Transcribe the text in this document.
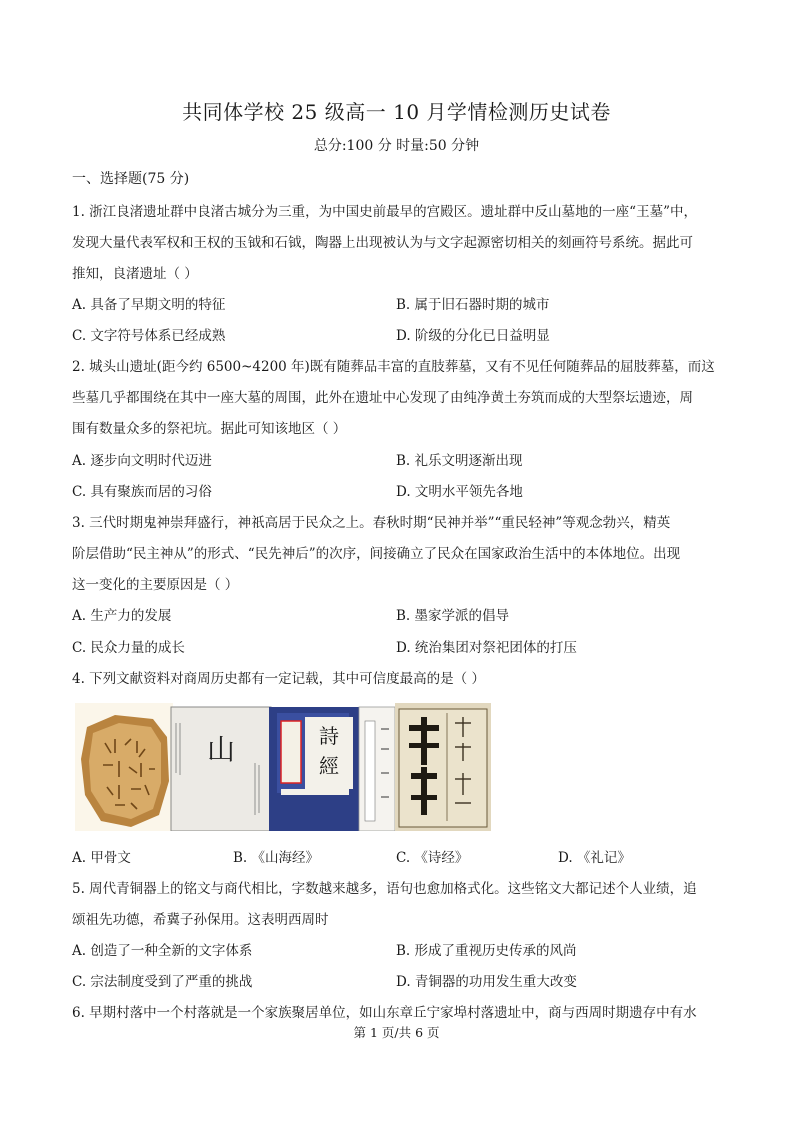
共同体学校 25 级高一 10 月学情检测历史试卷
总分:100 分 时量:50 分钟
一、选择题(75 分)
1. 浙江良渚遗址群中良渚古城分为三重，为中国史前最早的宫殿区。遗址群中反山墓地的一座“王墓”中，
发现大量代表军权和王权的玉钺和石钺，陶器上出现被认为与文字起源密切相关的刻画符号系统。据此可
推知，良渚遗址（ ）
A. 具备了早期文明的特征	B. 属于旧石器时期的城市
C. 文字符号体系已经成熟	D. 阶级的分化已日益明显
2. 城头山遗址(距今约 6500~4200 年)既有随葬品丰富的直肢葬墓，又有不见任何随葬品的屈肢葬墓，而这
些墓几乎都围绕在其中一座大墓的周围，此外在遗址中心发现了由纯净黄土夯筑而成的大型祭坛遗迹，周
围有数量众多的祭祀坑。据此可知该地区（ ）
A. 逐步向文明时代迈进	B. 礼乐文明逐渐出现
C. 具有聚族而居的习俗	D. 文明水平领先各地
3. 三代时期鬼神崇拜盛行，神祇高居于民众之上。春秋时期“民神并举”“重民轻神”等观念勃兴，精英
阶层借助“民主神从”的形式、“民先神后”的次序，间接确立了民众在国家政治生活中的本体地位。出现
这一变化的主要原因是（ ）
A. 生产力的发展	B. 墨家学派的倡导
C. 民众力量的成长	D. 统治集团对祭祀团体的打压
4. 下列文献资料对商周历史都有一定记载，其中可信度最高的是（ ）
山	詩
經
A. 甲骨文	B. 《山海经》	C. 《诗经》	D. 《礼记》
5. 周代青铜器上的铭文与商代相比，字数越来越多，语句也愈加格式化。这些铭文大都记述个人业绩，追
颂祖先功德，希冀子孙保用。这表明西周时
A. 创造了一种全新的文字体系	B. 形成了重视历史传承的风尚
C. 宗法制度受到了严重的挑战	D. 青铜器的功用发生重大改变
6. 早期村落中一个村落就是一个家族聚居单位，如山东章丘宁家埠村落遗址中，商与西周时期遗存中有水
第 1 页/共 6 页
